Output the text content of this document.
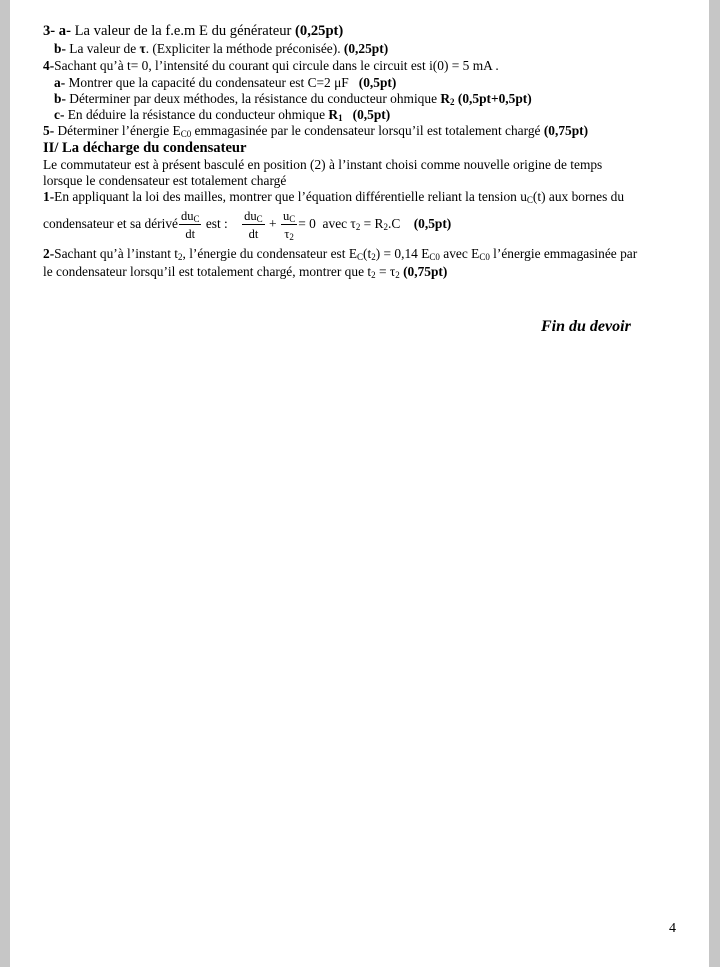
3- a- La valeur de la f.e.m E du générateur (0,25pt)
b- La valeur de τ. (Expliciter la méthode préconisée). (0,25pt)
4-Sachant qu’à t= 0, l’intensité du courant qui circule dans le circuit est i(0) = 5 mA .
a- Montrer que la capacité du condensateur est C=2 μF   (0,5pt)
b- Déterminer par deux méthodes, la résistance du conducteur ohmique $R_2$ (0,5pt+0,5pt)
c- En déduire la résistance du conducteur ohmique $R_1$ (0,5pt)
5- Déterminer l’énergie $E_{C0}$ emmagasinée par le condensateur lorsqu’il est totalement chargé (0,75pt)
II/ La décharge du condensateur
Le commutateur est à présent basculé en position (2) à l’instant choisi comme nouvelle origine de temps
lorsque le condensateur est totalement chargé
1-En appliquant la loi des mailles, montrer que l’équation différentielle reliant la tension $u_C(t)$ aux bornes du
condensateur et sa dérivé $\frac{du_C}{dt}$ est : $\frac{du_C}{dt} + \frac{u_C}{\tau_2} = 0$  avec $\tau_2 = R_2.C$    (0,5pt)
2-Sachant qu’à l’instant $t_2$, l’énergie du condensateur est $E_C(t_2) = 0,14$ $E_{C0}$ avec $E_{C0}$ l’énergie emmagasinée par
le condensateur lorsqu’il est totalement chargé, montrer que $t_2 = \tau_2$ (0,75pt)
Fin du devoir
4
